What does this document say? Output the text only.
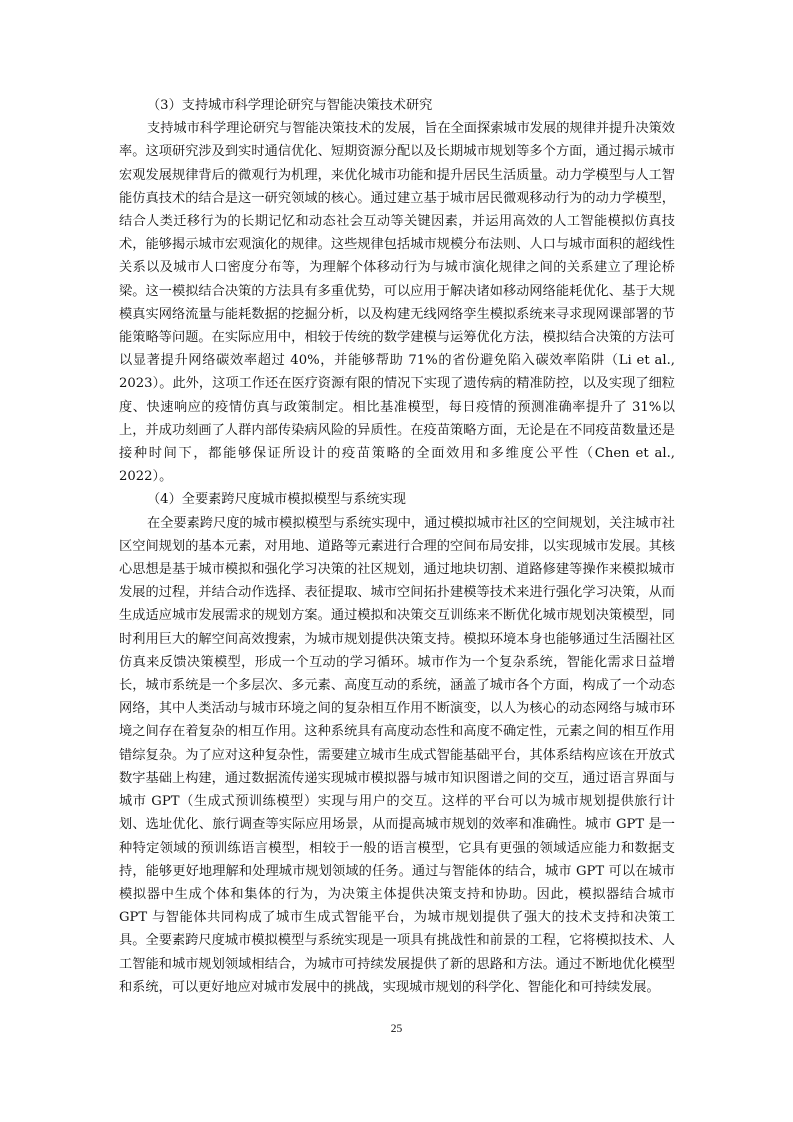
（3）支持城市科学理论研究与智能决策技术研究

支持城市科学理论研究与智能决策技术的发展，旨在全面探索城市发展的规律并提升决策效率。这项研究涉及到实时通信优化、短期资源分配以及长期城市规划等多个方面，通过揭示城市宏观发展规律背后的微观行为机理，来优化城市功能和提升居民生活质量。动力学模型与人工智能仿真技术的结合是这一研究领域的核心。通过建立基于城市居民微观移动行为的动力学模型，结合人类迁移行为的长期记忆和动态社会互动等关键因素，并运用高效的人工智能模拟仿真技术，能够揭示城市宏观演化的规律。这些规律包括城市规模分布法则、人口与城市面积的超线性关系以及城市人口密度分布等，为理解个体移动行为与城市演化规律之间的关系建立了理论桥梁。这一模拟结合决策的方法具有多重优势，可以应用于解决诸如移动网络能耗优化、基于大规模真实网络流量与能耗数据的挖掘分析，以及构建无线网络孪生模拟系统来寻求现网课部署的节能策略等问题。在实际应用中，相较于传统的数学建模与运筹优化方法，模拟结合决策的方法可以显著提升网络碳效率超过 40%，并能够帮助 71%的省份避免陷入碳效率陷阱（Li et al., 2023）。此外，这项工作还在医疗资源有限的情况下实现了遗传病的精准防控，以及实现了细粒度、快速响应的疫情仿真与政策制定。相比基准模型，每日疫情的预测准确率提升了 31%以上，并成功刻画了人群内部传染病风险的异质性。在疫苗策略方面，无论是在不同疫苗数量还是接种时间下，都能够保证所设计的疫苗策略的全面效用和多维度公平性（Chen et al., 2022）。

（4）全要素跨尺度城市模拟模型与系统实现

在全要素跨尺度的城市模拟模型与系统实现中，通过模拟城市社区的空间规划，关注城市社区空间规划的基本元素，对用地、道路等元素进行合理的空间布局安排，以实现城市发展。其核心思想是基于城市模拟和强化学习决策的社区规划，通过地块切割、道路修建等操作来模拟城市发展的过程，并结合动作选择、表征提取、城市空间拓扑建模等技术来进行强化学习决策，从而生成适应城市发展需求的规划方案。通过模拟和决策交互训练来不断优化城市规划决策模型，同时利用巨大的解空间高效搜索，为城市规划提供决策支持。模拟环境本身也能够通过生活圈社区仿真来反馈决策模型，形成一个互动的学习循环。城市作为一个复杂系统，智能化需求日益增长，城市系统是一个多层次、多元素、高度互动的系统，涵盖了城市各个方面，构成了一个动态网络，其中人类活动与城市环境之间的复杂相互作用不断演变，以人为核心的动态网络与城市环境之间存在着复杂的相互作用。这种系统具有高度动态性和高度不确定性，元素之间的相互作用错综复杂。为了应对这种复杂性，需要建立城市生成式智能基础平台，其体系结构应该在开放式数字基础上构建，通过数据流传递实现城市模拟器与城市知识图谱之间的交互，通过语言界面与城市 GPT（生成式预训练模型）实现与用户的交互。这样的平台可以为城市规划提供旅行计划、选址优化、旅行调查等实际应用场景，从而提高城市规划的效率和准确性。城市 GPT 是一种特定领域的预训练语言模型，相较于一般的语言模型，它具有更强的领域适应能力和数据支持，能够更好地理解和处理城市规划领域的任务。通过与智能体的结合，城市 GPT 可以在城市模拟器中生成个体和集体的行为，为决策主体提供决策支持和协助。因此，模拟器结合城市 GPT 与智能体共同构成了城市生成式智能平台，为城市规划提供了强大的技术支持和决策工具。全要素跨尺度城市模拟模型与系统实现是一项具有挑战性和前景的工程，它将模拟技术、人工智能和城市规划领域相结合，为城市可持续发展提供了新的思路和方法。通过不断地优化模型和系统，可以更好地应对城市发展中的挑战，实现城市规划的科学化、智能化和可持续发展。

25
